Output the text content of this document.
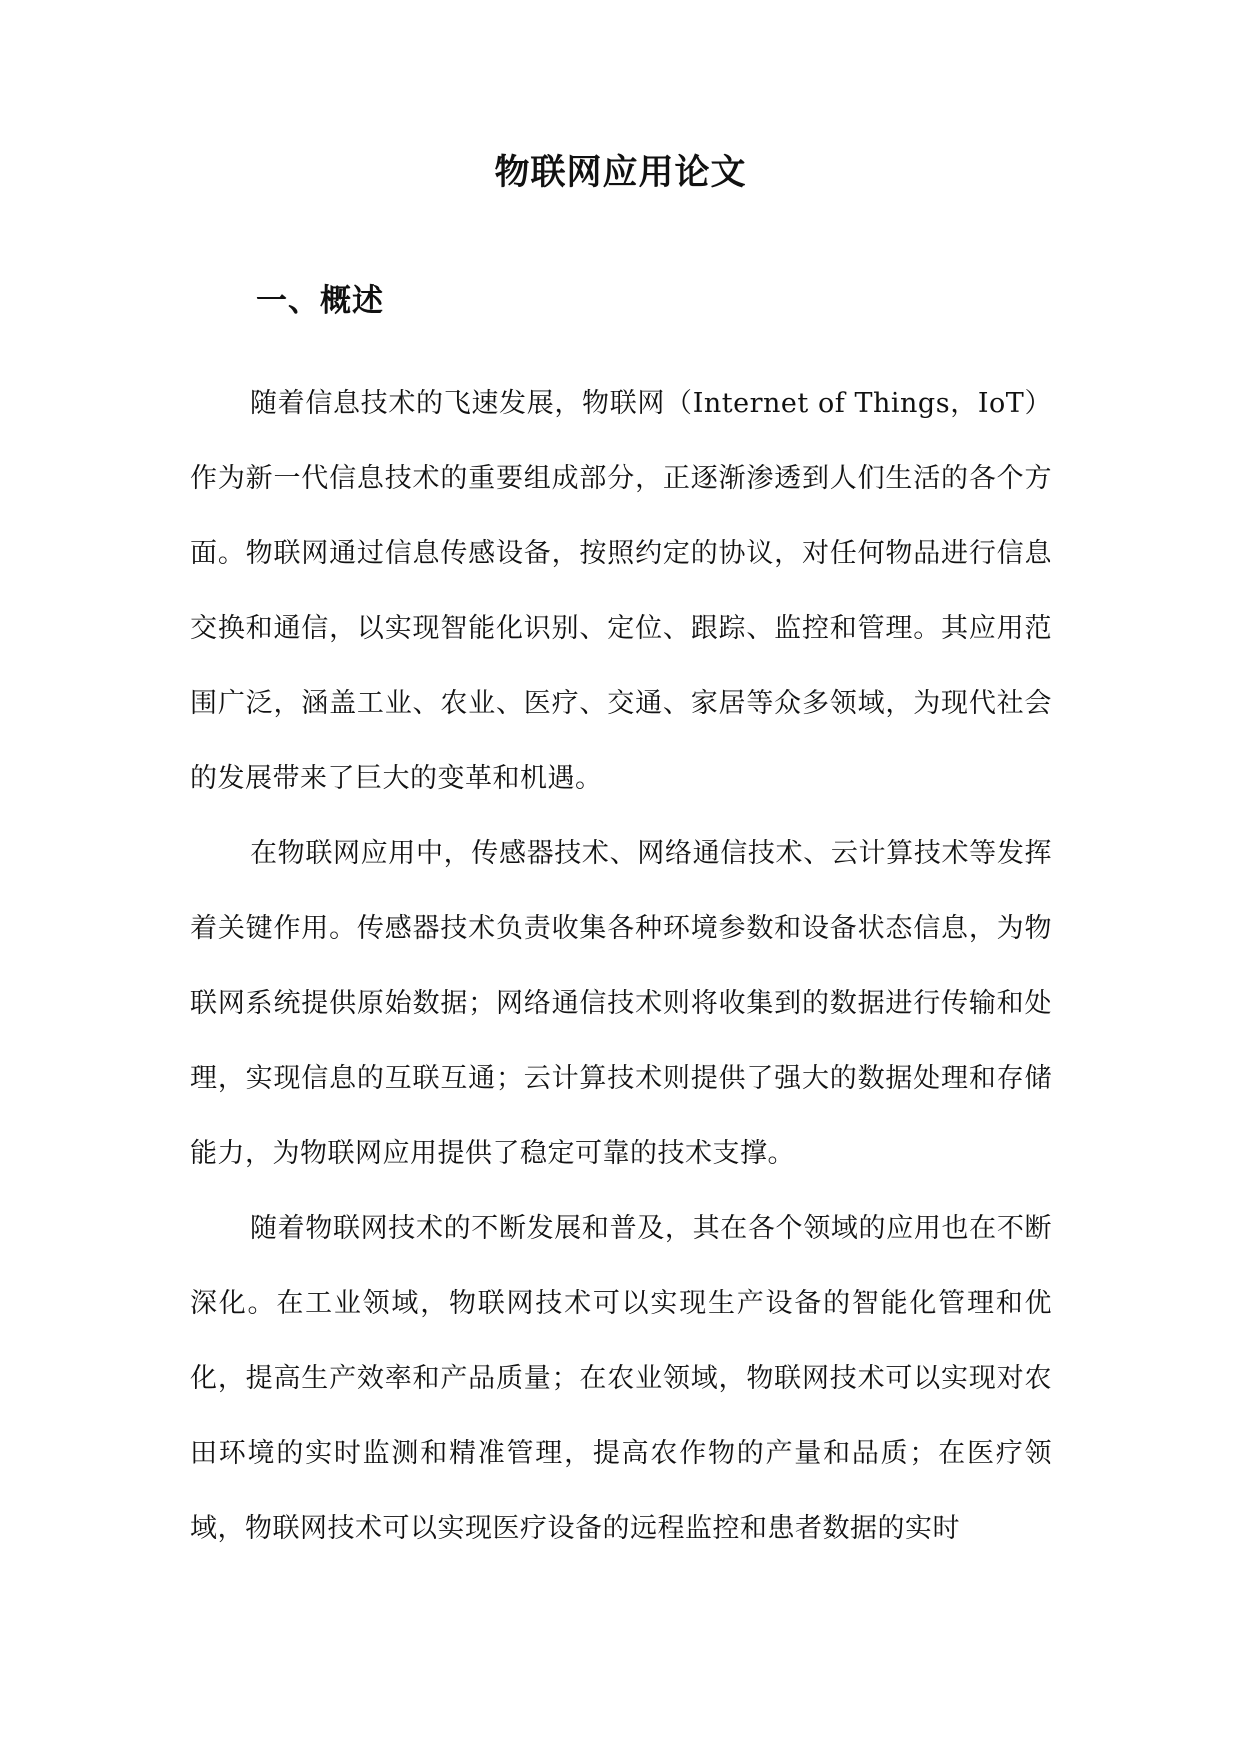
物联网应用论文
一、概述

随着信息技术的飞速发展，物联网（Internet of Things，IoT）作为新一代信息技术的重要组成部分，正逐渐渗透到人们生活的各个方面。物联网通过信息传感设备，按照约定的协议，对任何物品进行信息交换和通信，以实现智能化识别、定位、跟踪、监控和管理。其应用范围广泛，涵盖工业、农业、医疗、交通、家居等众多领域，为现代社会的发展带来了巨大的变革和机遇。

在物联网应用中，传感器技术、网络通信技术、云计算技术等发挥着关键作用。传感器技术负责收集各种环境参数和设备状态信息，为物联网系统提供原始数据；网络通信技术则将收集到的数据进行传输和处理，实现信息的互联互通；云计算技术则提供了强大的数据处理和存储能力，为物联网应用提供了稳定可靠的技术支撑。

随着物联网技术的不断发展和普及，其在各个领域的应用也在不断深化。在工业领域，物联网技术可以实现生产设备的智能化管理和优化，提高生产效率和产品质量；在农业领域，物联网技术可以实现对农田环境的实时监测和精准管理，提高农作物的产量和品质；在医疗领域，物联网技术可以实现医疗设备的远程监控和患者数据的实时
